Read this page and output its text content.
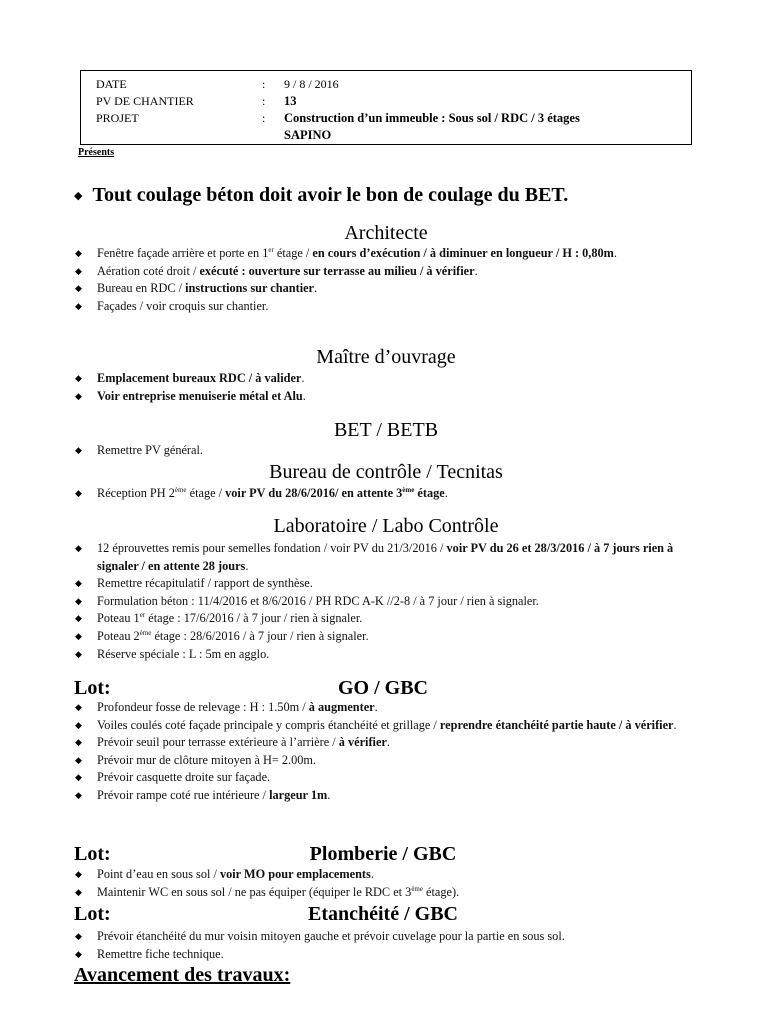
DATE	: 9 / 8 / 2016
PV DE CHANTIER	: 13
PROJET	: Construction d’un immeuble : Sous sol / RDC / 3 étages
SAPINO
Présents
◆ Tout coulage béton doit avoir le bon de coulage du BET.
Architecte
◆ Fenêtre façade arrière et porte en 1er étage / en cours d’exécution / à diminuer en longueur / H : 0,80m.
◆ Aération coté droit / exécuté : ouverture sur terrasse au milieu / à vérifier.
◆ Bureau en RDC / instructions sur chantier.
◆ Façades / voir croquis sur chantier.
Maître d’ouvrage
◆ Emplacement bureaux RDC / à valider.
◆ Voir entreprise menuiserie métal et Alu.
BET / BETB
◆ Remettre PV général.
Bureau de contrôle / Tecnitas
◆ Réception PH 2ème étage / voir PV du 28/6/2016/ en attente 3ème étage.
Laboratoire / Labo Contrôle
◆ 12 éprouvettes remis pour semelles fondation / voir PV du 21/3/2016 / voir PV du 26 et 28/3/2016 / à 7 jours rien à signaler / en attente 28 jours.
◆ Remettre récapitulatif / rapport de synthèse.
◆ Formulation béton : 11/4/2016 et 8/6/2016 / PH RDC A-K //2-8 / à 7 jour / rien à signaler.
◆ Poteau 1er étage : 17/6/2016 / à 7 jour / rien à signaler.
◆ Poteau 2ème étage : 28/6/2016 / à 7 jour / rien à signaler.
◆ Réserve spéciale : L : 5m en agglo.
Lot:	GO / GBC
◆ Profondeur fosse de relevage : H : 1.50m / à augmenter.
◆ Voiles coulés coté façade principale y compris étanchéité et grillage / reprendre étanchéité partie haute / à vérifier.
◆ Prévoir seuil pour terrasse extérieure à l’arrière / à vérifier.
◆ Prévoir mur de clôture mitoyen à H= 2.00m.
◆ Prévoir casquette droite sur façade.
◆ Prévoir rampe coté rue intérieure / largeur 1m.
Lot:	Plomberie / GBC
◆ Point d’eau en sous sol / voir MO pour emplacements.
◆ Maintenir WC en sous sol / ne pas équiper (équiper le RDC et 3ème étage).
Lot:	Etanchéité / GBC
◆ Prévoir étanchéité du mur voisin mitoyen gauche et prévoir cuvelage pour la partie en sous sol.
◆ Remettre fiche technique.
Avancement des travaux:
